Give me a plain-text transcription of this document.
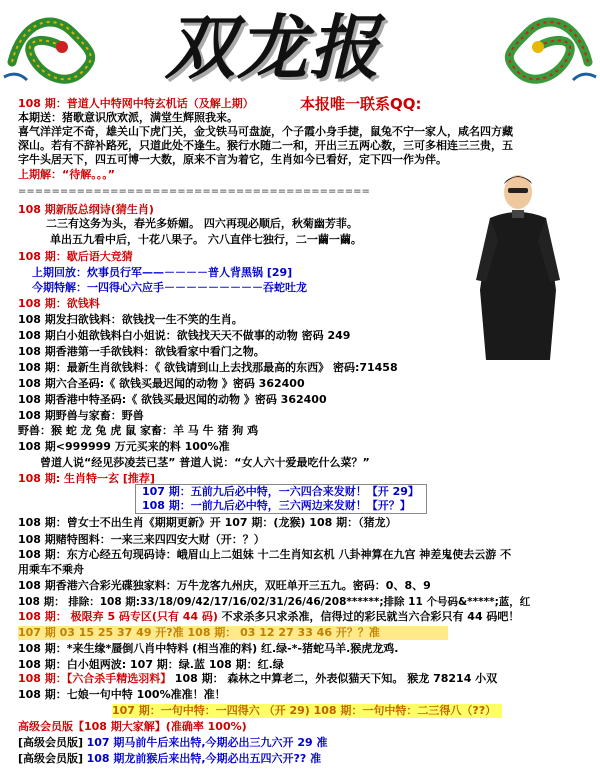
双龙报
本报唯一联系QQ:
108 期：普道人中特网中特玄机话（及解上期）
本期送：猪歌意识欣欢派，满堂生辉照我来。
喜气洋洋定不奇，雄关山下虎门关，金戈铁马可盘旋，个子霞小身手捷，鼠兔不宁一家人，咸名四方藏
深山。若有不辞补路死，只道此处不逢生。猴行水随二一和，开出三五两心数，三可多相连三三贵，五
字牛头居天下，四五可博一大数，原来不言为着它，生肖如今已看好，定下四一作为伴。
上期解：“待解。。。”
==========================================
108 期新版总纲诗(猜生肖)
二三有这务为头，春光多娇媚。 四六再现必顺后，秋菊幽芳菲。
单出五九看中后，十花八果子。 六八直伴七独行，二一繭一繭。
108 期：歇后语大竞猜
上期回放：炊事员行军——－－－－普人背黑锅 [29]
今期特解：一四得心六应手－－－－－－－－－吞蛇吐龙
108 期：欲钱料
108 期发扫欲钱料：欲钱找一生不笑的生肖。
108 期白小姐欲钱料白小姐说：欲钱找天天不做事的动物 密码 249
108 期香港第一手欲钱料：欲钱看家中看门之物。
108 期：最新生肖欲钱料：《 欲钱请到山上去找那最高的东西》 密码:71458
108 期六合圣码:《 欲钱买最迟闻的动物 》密码 362400
108 期香港中特圣码:《 欲钱买最迟闻的动物 》密码 362400
108 期野兽与家畜：野兽
野兽：猴 蛇 龙 兔 虎 鼠 家畜：羊 马 牛 猪 狗 鸡
108 期<999999 万元买来的料 100%准
曾道人说“经见莎凌芸已茎” 普道人说：“女人六十爱最吃什么菜？”
108 期: 生肖特一玄 [推荐]
107 期：五前九后必中特，一六四合来发财！【开 29】
108 期：一前九后必中特，三六两边来发财！【开？】
108 期：曾女士不出生肖《期期更新》开 107 期：(龙猴) 108 期：（猪龙）
108 期赌特图料：一来三来四四安大财（开：？）
108 期：东方心经五句现码诗：峨眉山上二姐妹 十二生肖知玄机 八卦神算在九宫 神差鬼使去云游 不
用乘车不乘舟
108 期香港六合彩光碟独家料：万牛龙客九州庆，双旺单开三五九。密码：0、8、9
108 期： 排除：108 期:33/18/09/42/17/16/02/31/26/46/208******;排除 11 个号码&*****;蓝，红
108 期： 极限弃 5 码专区(只有 44 码) 不求杀多只求杀准，信得过的彩民就当六合彩只有 44 码吧！
107 期 03 15 25 37 49 开?准 108 期： 03 12 27 33 46 开？？准
108 期：*来生缘*蜃倒八肖中特料 (相当准的料) 红.绿-*-猪蛇马羊.猴虎龙鸡.
108 期：白小姐两波: 107 期：绿.蓝 108 期：红.绿
108 期：【六合杀手精选羽料】 108 期： 森林之中算老二，外表似猫天下知。 猴龙 78214 小双
108 期：七娘一句中特 100%准准！准！
107 期：一句中特：一四得六 （开 29) 108 期：一句中特：二三得八（??）
高级会员版【108 期大家解】(准确率 100%)
[高级会员版] 107 期马前牛后来出特,今期必出三九六开 29 准
[高级会员版] 108 期龙前猴后来出特,今期必出五四六开?? 准
